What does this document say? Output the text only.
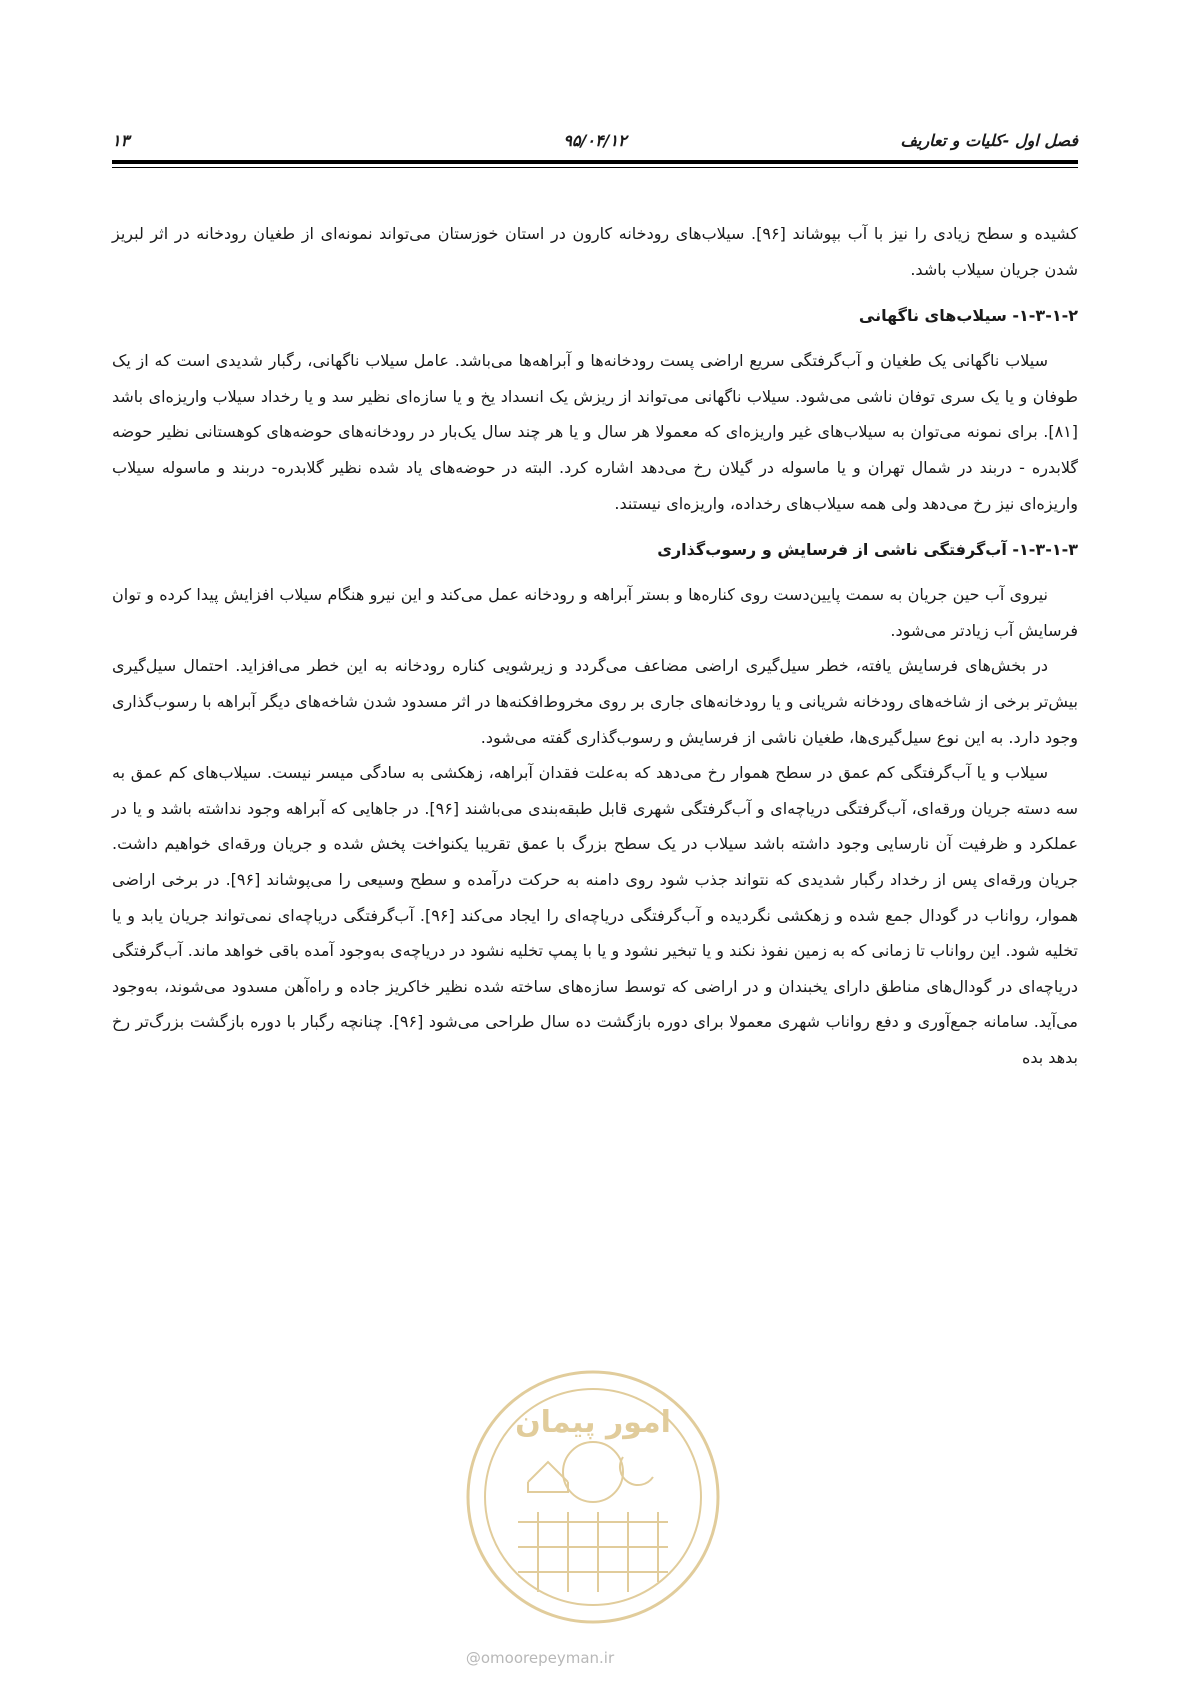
فصل اول -کلیات و تعاریف
۹۵/۰۴/۱۲
۱۳

کشیده و سطح زیادی را نیز با آب بپوشاند [۹۶]. سیلاب‌های رودخانه کارون در استان خوزستان می‌تواند نمونه‌ای از طغیان رودخانه در اثر لبریز شدن جریان سیلاب باشد.

۱-۳-۱-۲- سیلاب‌های ناگهانی

سیلاب ناگهانی یک طغیان و آب‌گرفتگی سریع اراضی پست رودخانه‌ها و آبراهه‌ها می‌باشد. عامل سیلاب ناگهانی، رگبار شدیدی است که از یک طوفان و یا یک سری توفان ناشی می‌شود. سیلاب ناگهانی می‌تواند از ریزش یک انسداد یخ و یا سازه‌ای نظیر سد و یا رخداد سیلاب واریزه‌ای باشد [۸۱]. برای نمونه می‌توان به سیلاب‌های غیر واریزه‌ای که معمولا هر سال و یا هر چند سال یک‌بار در رودخانه‌های حوضه‌های کوهستانی نظیر حوضه گلابدره - دربند در شمال تهران و یا ماسوله در گیلان رخ می‌دهد اشاره کرد. البته در حوضه‌های یاد شده نظیر گلابدره- دربند و ماسوله سیلاب واریزه‌ای نیز رخ می‌دهد ولی همه سیلاب‌های رخداده، واریزه‌ای نیستند.

۱-۳-۱-۳- آب‌گرفتگی ناشی از فرسایش و رسوب‌گذاری

نیروی آب حین جریان به سمت پایین‌دست روی کناره‌ها و بستر آبراهه و رودخانه عمل می‌کند و این نیرو هنگام سیلاب افزایش پیدا کرده و توان فرسایش آب زیادتر می‌شود.

در بخش‌های فرسایش یافته، خطر سیل‌گیری اراضی مضاعف می‌گردد و زیرشویی کناره رودخانه به این خطر می‌افزاید. احتمال سیل‌گیری بیش‌تر برخی از شاخه‌های رودخانه شریانی و یا رودخانه‌های جاری بر روی مخروط‌افکنه‌ها در اثر مسدود شدن شاخه‌های دیگر آبراهه با رسوب‌گذاری وجود دارد. به این نوع سیل‌گیری‌ها، طغیان ناشی از فرسایش و رسوب‌گذاری گفته می‌شود.

سیلاب و یا آب‌گرفتگی کم عمق در سطح هموار رخ می‌دهد که به‌علت فقدان آبراهه، زهکشی به سادگی میسر نیست. سیلاب‌های کم عمق به سه دسته جریان ورقه‌ای، آب‌گرفتگی دریاچه‌ای و آب‌گرفتگی شهری قابل طبقه‌بندی می‌باشند [۹۶]. در جاهایی که آبراهه وجود نداشته باشد و یا در عملکرد و ظرفیت آن نارسایی وجود داشته باشد سیلاب در یک سطح بزرگ با عمق تقریبا یکنواخت پخش شده و جریان ورقه‌ای خواهیم داشت. جریان ورقه‌ای پس از رخداد رگبار شدیدی که نتواند جذب شود روی دامنه به حرکت درآمده و سطح وسیعی را می‌پوشاند [۹۶]. در برخی اراضی هموار، رواناب در گودال جمع شده و زهکشی نگردیده و آب‌گرفتگی دریاچه‌ای را ایجاد می‌کند [۹۶]. آب‌گرفتگی دریاچه‌ای نمی‌تواند جریان یابد و یا تخلیه شود. این رواناب تا زمانی که به زمین نفوذ نکند و یا تبخیر نشود و یا با پمپ تخلیه نشود در دریاچه‌ی به‌وجود آمده باقی خواهد ماند. آب‌گرفتگی دریاچه‌ای در گودال‌های مناطق دارای یخبندان و در اراضی که توسط سازه‌های ساخته شده نظیر خاکریز جاده و راه‌آهن مسدود می‌شوند، به‌وجود می‌آید. سامانه جمع‌آوری و دفع رواناب شهری معمولا برای دوره بازگشت ده سال طراحی می‌شود [۹۶]. چنانچه رگبار با دوره بازگشت بزرگ‌تر رخ بدهد بده

امور پیمان
@omoorepeyman.ir
